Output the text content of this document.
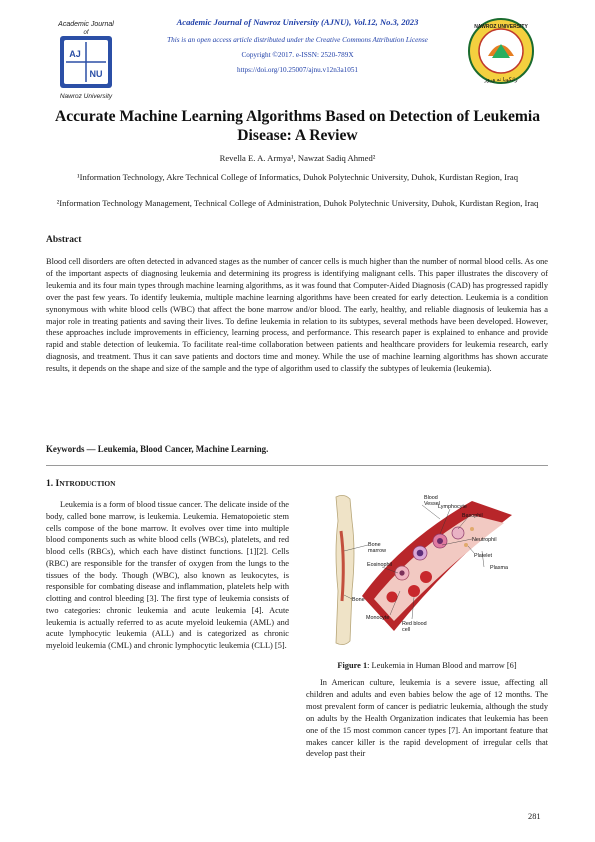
Academic Journal
of
AJ
NU
Nawroz University
NAWROZ UNIVERSITY
زانكويا نه وروز
Academic Journal of Nawroz University (AJNU), Vol.12, No.3, 2023
This is an open access article distributed under the Creative Commons Attribution License
Copyright ©2017. e-ISSN: 2520-789X
https://doi.org/10.25007/ajnu.v12n3a1051
Accurate Machine Learning Algorithms Based on Detection of Leukemia Disease: A Review
Revella E. A. Armya¹, Nawzat Sadiq Ahmed²
¹Information Technology, Akre Technical College of Informatics, Duhok Polytechnic University, Duhok, Kurdistan Region, Iraq
²Information Technology Management, Technical College of Administration, Duhok Polytechnic University, Duhok, Kurdistan Region, Iraq
Abstract
Blood cell disorders are often detected in advanced stages as the number of cancer cells is much higher than the number of normal blood cells. As one of the important aspects of diagnosing leukemia and determining its progress is identifying malignant cells. This paper illustrates the discovery of leukemia and its four main types through machine learning algorithms, as it was found that Computer-Aided Diagnosis (CAD) has progressed rapidly over the past few years. To identify leukemia, multiple machine learning algorithms have been created for early detection. Leukemia is a condition synonymous with white blood cells (WBC) that affect the bone marrow and/or blood. The early, healthy, and reliable diagnosis of leukemia has a major role in treating patients and saving their lives. To define leukemia in relation to its subtypes, several methods have been developed. However, these approaches include improvements in efficiency, learning process, and performance. This research paper is explained to enhance and provide rapid and stable detection of leukemia. To facilitate real-time collaboration between patients and healthcare providers for leukemia research, early diagnosis, and treatment. Thus it can save patients and doctors time and money. While the use of machine learning algorithms has shown accurate results, it depends on the shape and size of the sample and the type of algorithm used to classify the subtypes of leukemia (leukemia).
Keywords — Leukemia, Blood Cancer, Machine Learning.
1. INTRODUCTION

Leukemia is a form of blood tissue cancer. The delicate inside of the body, called bone marrow, is leukemia. Leukemia. Hematopoietic stem cells compose of the bone marrow. It evolves over time into multiple blood components such as white blood cells (WBCs), platelets, and red blood cells (RBCs), which each have distinct functions. [1][2]. Cells (RBC) are responsible for the transfer of oxygen from the lungs to the tissues of the body. Though (WBC), also known as leukocytes, is responsible for combating disease and inflammation, platelets help with clotting and control bleeding [3]. The first type of leukemia consists of two categories: chronic leukemia and acute leukemia [4]. Acute leukemia is actually referred to as acute myeloid leukemia (AML) and acute lymphocytic leukemia (ALL) and is categorized as chronic myeloid leukemia (CML) and chronic lymphocytic leukemia (CLL) [5].

Blood Vessel
Lymphocyte
Basophil
Neutrophil
Platelet
Plasma
Bone marrow
Eosinophil
Bone
Monocyte
Red blood cell
Figure 1: Leukemia in Human Blood and marrow [6]

In American culture, leukemia is a severe issue, affecting all children and adults and even babies below the age of 12 months. The most prevalent form of cancer is pediatric leukemia, although the study on adults by the Health Organization indicates that leukemia has been one of the 15 most common cancer types [7]. An important feature that makes cancer killer is the rapid development of irregular cells that develop past their

281
